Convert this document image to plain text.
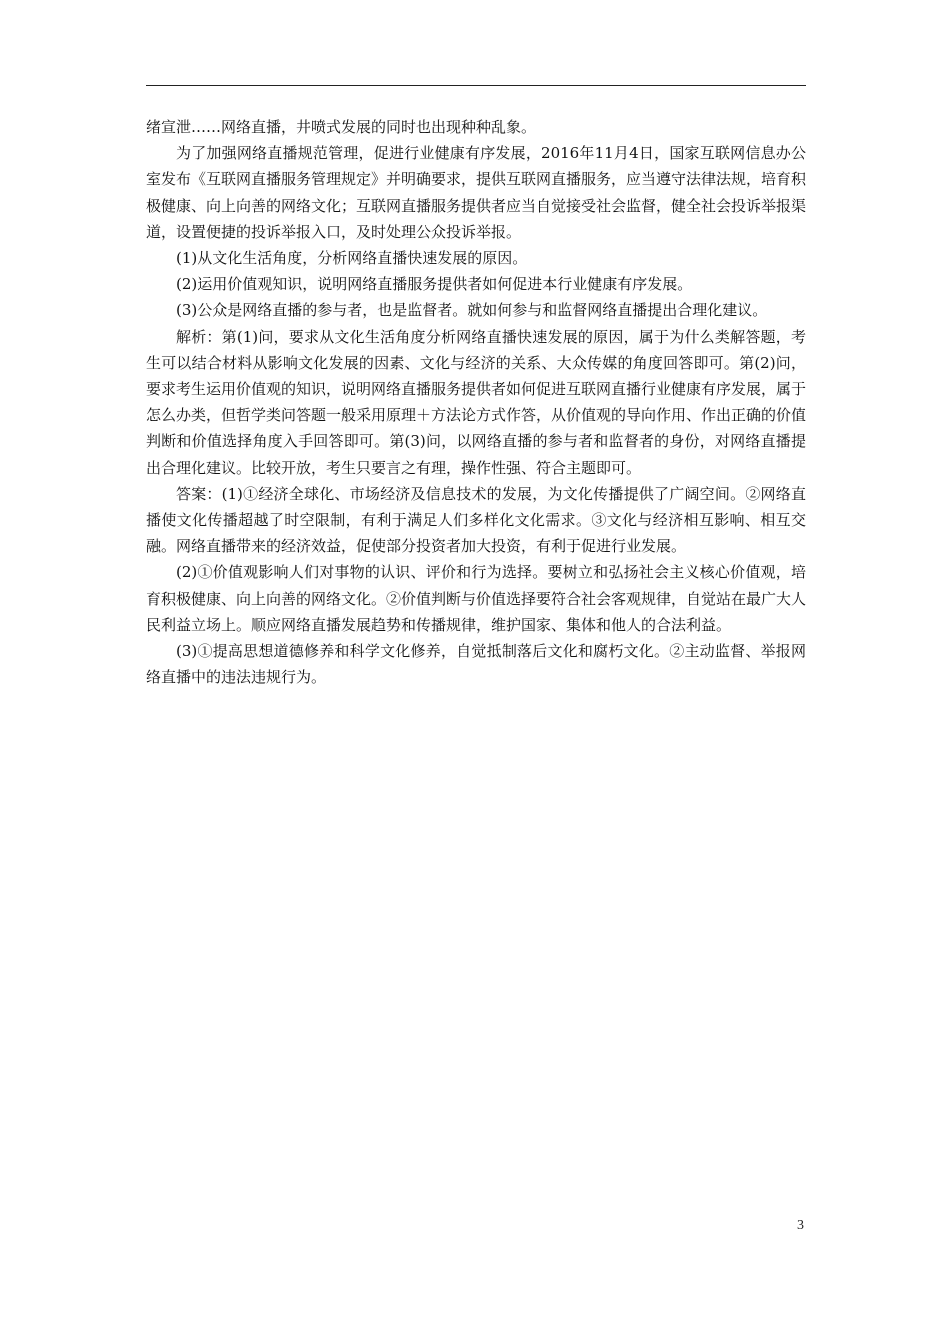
绪宣泄……网络直播，井喷式发展的同时也出现种种乱象。

为了加强网络直播规范管理，促进行业健康有序发展，2016年11月4日，国家互联网信息办公室发布《互联网直播服务管理规定》并明确要求，提供互联网直播服务，应当遵守法律法规，培育积极健康、向上向善的网络文化；互联网直播服务提供者应当自觉接受社会监督，健全社会投诉举报渠道，设置便捷的投诉举报入口，及时处理公众投诉举报。

(1)从文化生活角度，分析网络直播快速发展的原因。

(2)运用价值观知识，说明网络直播服务提供者如何促进本行业健康有序发展。

(3)公众是网络直播的参与者，也是监督者。就如何参与和监督网络直播提出合理化建议。

解析：第(1)问，要求从文化生活角度分析网络直播快速发展的原因，属于为什么类解答题，考生可以结合材料从影响文化发展的因素、文化与经济的关系、大众传媒的角度回答即可。第(2)问，要求考生运用价值观的知识，说明网络直播服务提供者如何促进互联网直播行业健康有序发展，属于怎么办类，但哲学类问答题一般采用原理＋方法论方式作答，从价值观的导向作用、作出正确的价值判断和价值选择角度入手回答即可。第(3)问，以网络直播的参与者和监督者的身份，对网络直播提出合理化建议。比较开放，考生只要言之有理，操作性强、符合主题即可。

答案：(1)①经济全球化、市场经济及信息技术的发展，为文化传播提供了广阔空间。②网络直播使文化传播超越了时空限制，有利于满足人们多样化文化需求。③文化与经济相互影响、相互交融。网络直播带来的经济效益，促使部分投资者加大投资，有利于促进行业发展。

(2)①价值观影响人们对事物的认识、评价和行为选择。要树立和弘扬社会主义核心价值观，培育积极健康、向上向善的网络文化。②价值判断与价值选择要符合社会客观规律，自觉站在最广大人民利益立场上。顺应网络直播发展趋势和传播规律，维护国家、集体和他人的合法利益。

(3)①提高思想道德修养和科学文化修养，自觉抵制落后文化和腐朽文化。②主动监督、举报网络直播中的违法违规行为。

3
